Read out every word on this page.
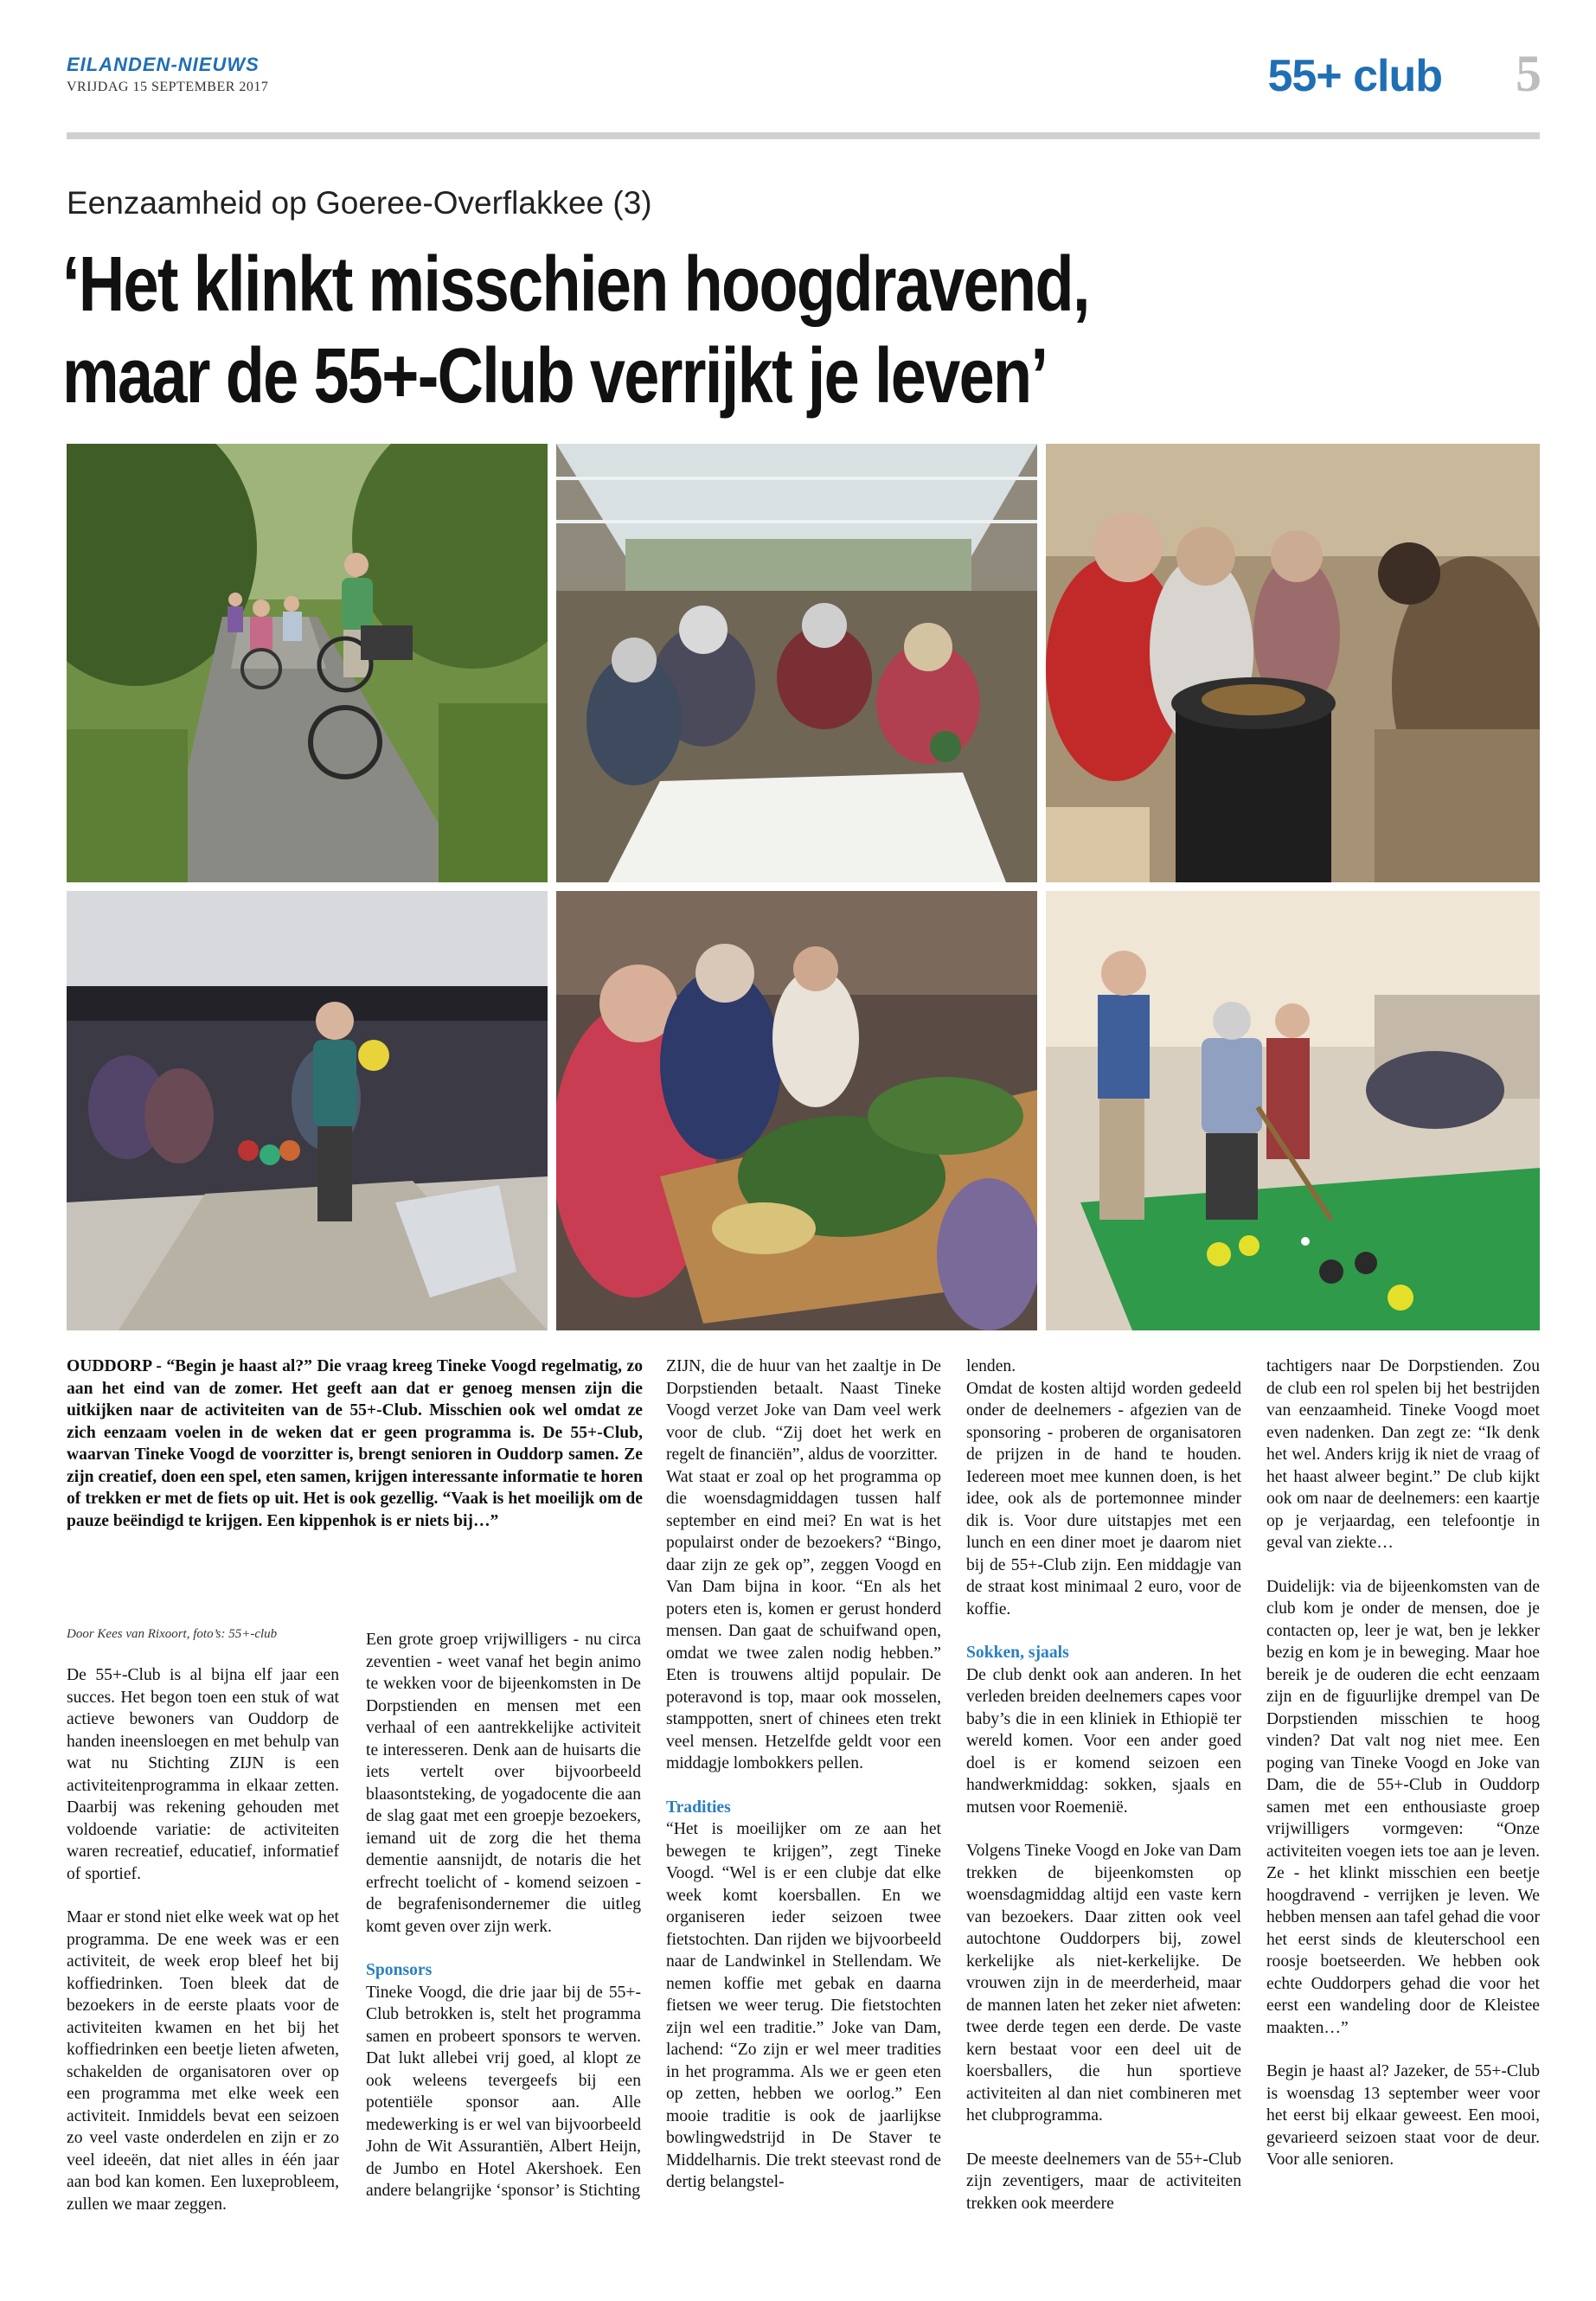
EILANDEN-NIEUWS
VRIJDAG 15 SEPTEMBER 2017	55+ club 5
Eenzaamheid op Goeree-Overflakkee (3)
‘Het klinkt misschien hoogdravend,
maar de 55+-Club verrijkt je leven’
OUDDORP - “Begin je haast al?” Die vraag kreeg Tineke Voogd regelmatig, zo aan het eind van de zomer. Het geeft aan dat er genoeg mensen zijn die uitkijken naar de activiteiten van de 55+-Club. Misschien ook wel omdat ze zich eenzaam voelen in de weken dat er geen programma is. De 55+-Club, waarvan Tineke Voogd de voorzitter is, brengt senioren in Ouddorp samen. Ze zijn creatief, doen een spel, eten samen, krijgen interessante informatie te horen of trekken er met de fiets op uit. Het is ook gezellig. “Vaak is het moeilijk om de pauze beëindigd te krijgen. Een kippenhok is er niets bij…”
Door Kees van Rixoort, foto’s: 55+-club

De 55+-Club is al bijna elf jaar een succes. Het begon toen een stuk of wat actieve bewoners van Ouddorp de handen ineensloegen en met behulp van wat nu Stichting ZIJN is een activiteitenprogramma in elkaar zetten. Daarbij was rekening gehouden met voldoende variatie: de activiteiten waren recreatief, educatief, informatief of sportief.

Maar er stond niet elke week wat op het programma. De ene week was er een activiteit, de week erop bleef het bij koffiedrinken. Toen bleek dat de bezoekers in de eerste plaats voor de activiteiten kwamen en het bij het koffiedrinken een beetje lieten afweten, schakelden de organisatoren over op een programma met elke week een activiteit. Inmiddels bevat een seizoen zo veel vaste onderdelen en zijn er zo veel ideeën, dat niet alles in één jaar aan bod kan komen. Een luxeprobleem, zullen we maar zeggen.

Een grote groep vrijwilligers - nu circa zeventien - weet vanaf het begin animo te wekken voor de bijeenkomsten in De Dorpstienden en mensen met een verhaal of een aantrekkelijke activiteit te interesseren. Denk aan de huisarts die iets vertelt over bijvoorbeeld blaasontsteking, de yogadocente die aan de slag gaat met een groepje bezoekers, iemand uit de zorg die het thema dementie aansnijdt, de notaris die het erfrecht toelicht of - komend seizoen - de begrafenisondernemer die uitleg komt geven over zijn werk.

Sponsors

Tineke Voogd, die drie jaar bij de 55+-Club betrokken is, stelt het programma samen en probeert sponsors te werven. Dat lukt allebei vrij goed, al klopt ze ook weleens tevergeefs bij een potentiële sponsor aan. Alle medewerking is er wel van bijvoorbeeld John de Wit Assurantiën, Albert Heijn, de Jumbo en Hotel Akershoek. Een andere belangrijke ‘sponsor’ is Stichting

ZIJN, die de huur van het zaaltje in De Dorpstienden betaalt. Naast Tineke Voogd verzet Joke van Dam veel werk voor de club. “Zij doet het werk en regelt de financiën”, aldus de voorzitter.

Wat staat er zoal op het programma op die woensdagmiddagen tussen half september en eind mei? En wat is het populairst onder de bezoekers? “Bingo, daar zijn ze gek op”, zeggen Voogd en Van Dam bijna in koor. “En als het poters eten is, komen er gerust honderd mensen. Dan gaat de schuifwand open, omdat we twee zalen nodig hebben.” Eten is trouwens altijd populair. De poteravond is top, maar ook mosselen, stamppotten, snert of chinees eten trekt veel mensen. Hetzelfde geldt voor een middagje lombokkers pellen.

Tradities

“Het is moeilijker om ze aan het bewegen te krijgen”, zegt Tineke Voogd. “Wel is er een clubje dat elke week komt koersballen. En we organiseren ieder seizoen twee fietstochten. Dan rijden we bijvoorbeeld naar de Landwinkel in Stellendam. We nemen koffie met gebak en daarna fietsen we weer terug. Die fietstochten zijn wel een traditie.” Joke van Dam, lachend: “Zo zijn er wel meer tradities in het programma. Als we er geen eten op zetten, hebben we oorlog.” Een mooie traditie is ook de jaarlijkse bowlingwedstrijd in De Staver te Middelharnis. Die trekt steevast rond de dertig belangstel-

lenden.

Omdat de kosten altijd worden gedeeld onder de deelnemers - afgezien van de sponsoring - proberen de organisatoren de prijzen in de hand te houden. Iedereen moet mee kunnen doen, is het idee, ook als de portemonnee minder dik is. Voor dure uitstapjes met een lunch en een diner moet je daarom niet bij de 55+-Club zijn. Een middagje van de straat kost minimaal 2 euro, voor de koffie.

Sokken, sjaals

De club denkt ook aan anderen. In het verleden breiden deelnemers capes voor baby’s die in een kliniek in Ethiopië ter wereld komen. Voor een ander goed doel is er komend seizoen een handwerkmiddag: sokken, sjaals en mutsen voor Roemenië.

Volgens Tineke Voogd en Joke van Dam trekken de bijeenkomsten op woensdagmiddag altijd een vaste kern van bezoekers. Daar zitten ook veel autochtone Ouddorpers bij, zowel kerkelijke als niet-kerkelijke. De vrouwen zijn in de meerderheid, maar de mannen laten het zeker niet afweten: twee derde tegen een derde. De vaste kern bestaat voor een deel uit de koersballers, die hun sportieve activiteiten al dan niet combineren met het clubprogramma.

De meeste deelnemers van de 55+-Club zijn zeventigers, maar de activiteiten trekken ook meerdere

tachtigers naar De Dorpstienden. Zou de club een rol spelen bij het bestrijden van eenzaamheid. Tineke Voogd moet even nadenken. Dan zegt ze: “Ik denk het wel. Anders krijg ik niet de vraag of het haast alweer begint.” De club kijkt ook om naar de deelnemers: een kaartje op je verjaardag, een telefoontje in geval van ziekte…

Duidelijk: via de bijeenkomsten van de club kom je onder de mensen, doe je contacten op, leer je wat, ben je lekker bezig en kom je in beweging. Maar hoe bereik je de ouderen die echt eenzaam zijn en de figuurlijke drempel van De Dorpstienden misschien te hoog vinden? Dat valt nog niet mee. Een poging van Tineke Voogd en Joke van Dam, die de 55+-Club in Ouddorp samen met een enthousiaste groep vrijwilligers vormgeven: “Onze activiteiten voegen iets toe aan je leven. Ze - het klinkt misschien een beetje hoogdravend - verrijken je leven. We hebben mensen aan tafel gehad die voor het eerst sinds de kleuterschool een roosje boetseerden. We hebben ook echte Ouddorpers gehad die voor het eerst een wandeling door de Kleistee maakten…”

Begin je haast al? Jazeker, de 55+-Club is woensdag 13 september weer voor het eerst bij elkaar geweest. Een mooi, gevarieerd seizoen staat voor de deur. Voor alle senioren.
